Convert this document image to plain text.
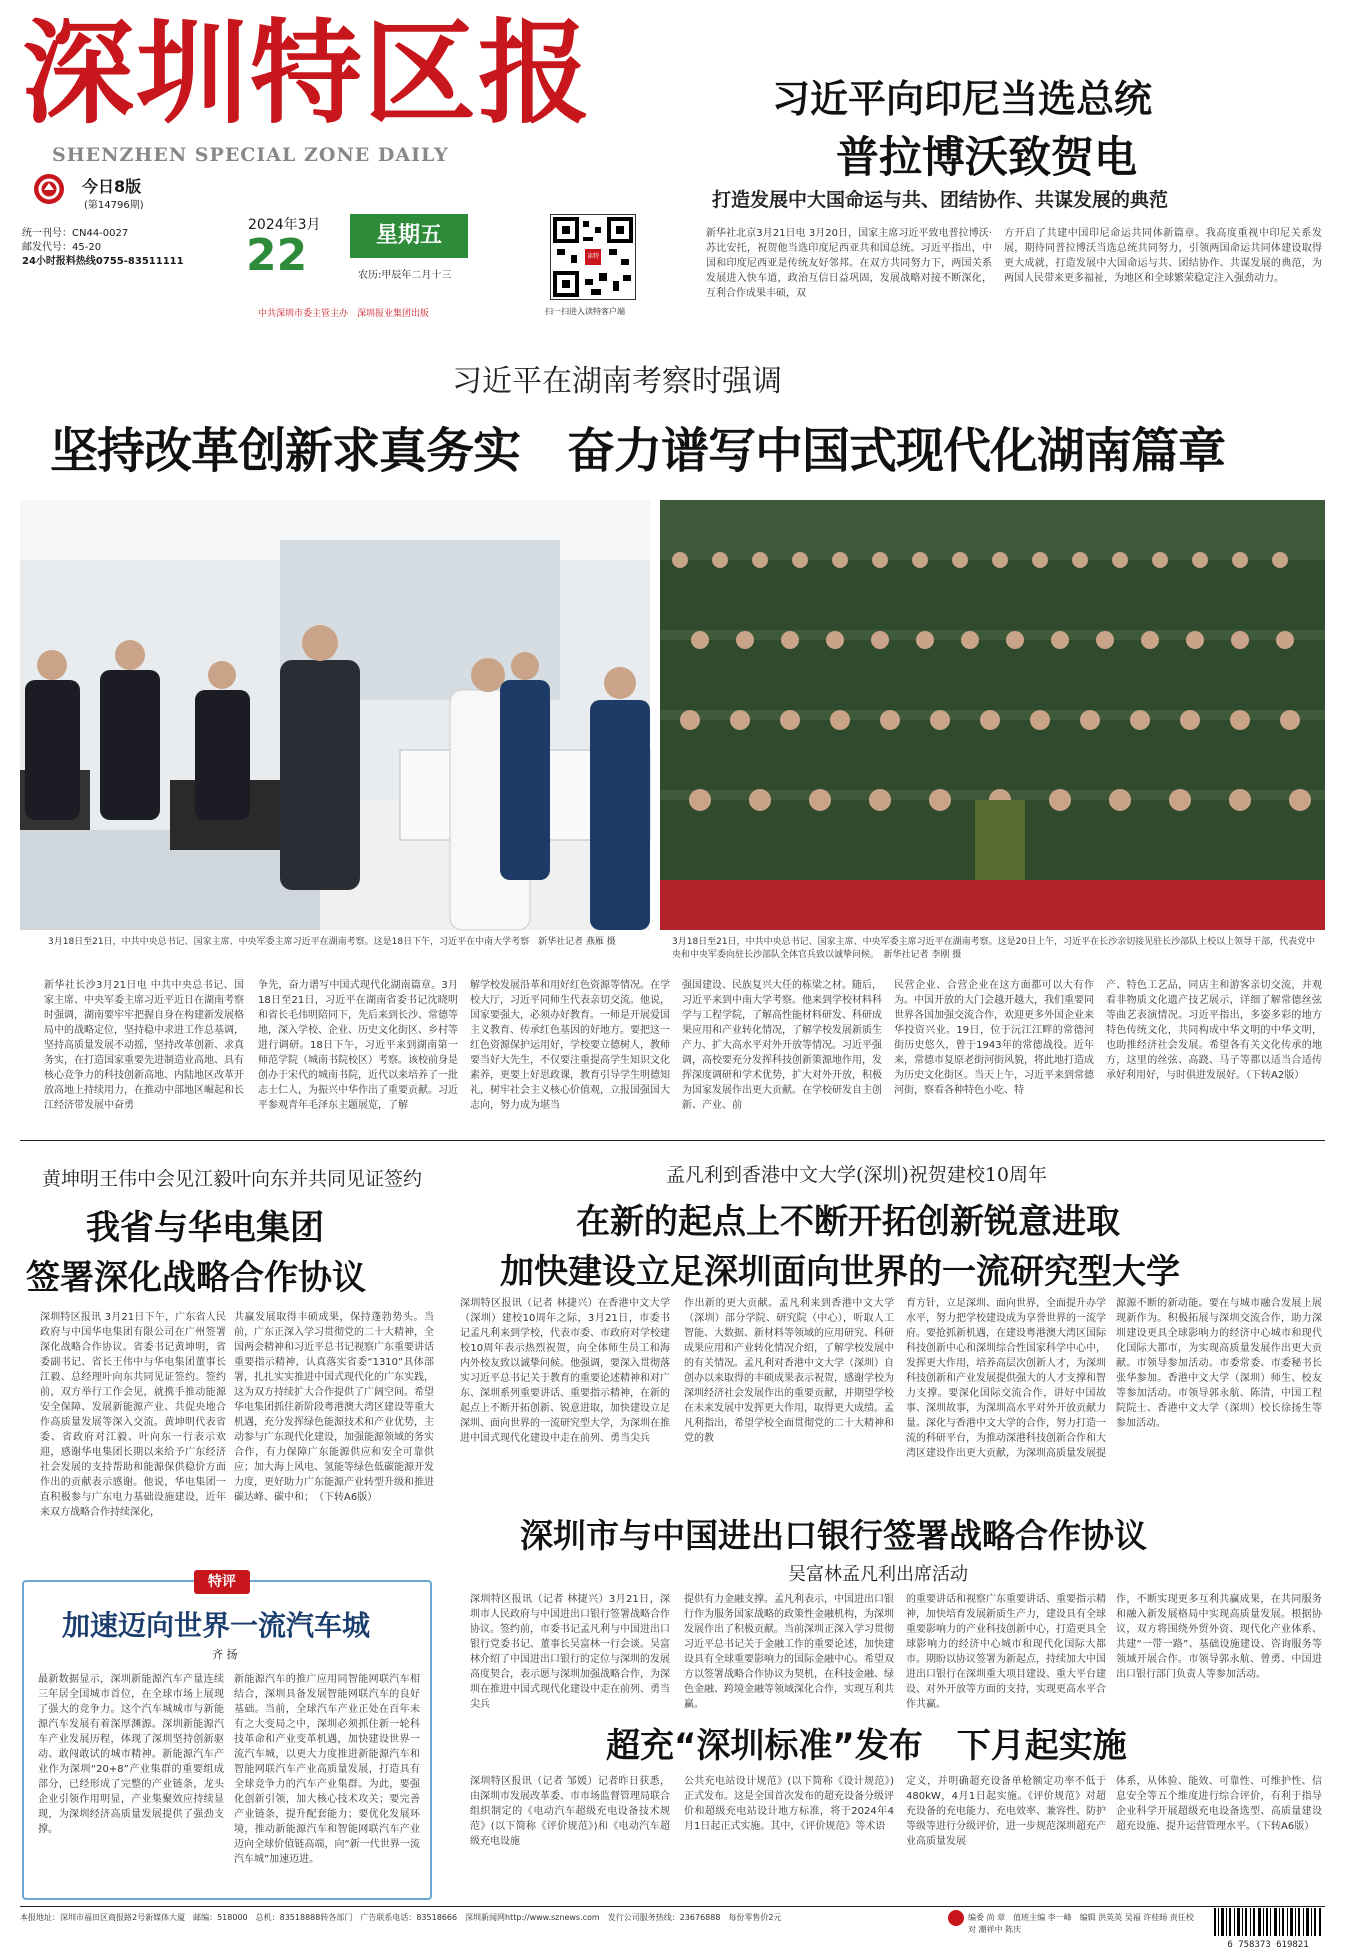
深圳特区报
SHENZHEN SPECIAL ZONE DAILY
今日8版
(第14796期)
统一刊号：CN44-0027
邮发代号：45-20
24小时报料热线0755-83511111
2024年3月
22	星期五
农历:甲辰年二月十三
中共深圳市委主管主办　深圳报业集团出版
读特
扫一扫进入读特客户端
习近平向印尼当选总统
普拉博沃致贺电
打造发展中大国命运与共、团结协作、共谋发展的典范
新华社北京3月21日电 3月20日，国家主席习近平致电普拉博沃·苏比安托，祝贺他当选印度尼西亚共和国总统。习近平指出，中国和印度尼西亚是传统友好邻邦。在双方共同努力下，两国关系发展进入快车道，政治互信日益巩固，发展战略对接不断深化，互利合作成果丰硕，双
方开启了共建中国印尼命运共同体新篇章。我高度重视中印尼关系发展，期待同普拉博沃当选总统共同努力，引领两国命运共同体建设取得更大成就，打造发展中大国命运与共、团结协作、共谋发展的典范，为两国人民带来更多福祉，为地区和全球繁荣稳定注入强劲动力。
习近平在湖南考察时强调
坚持改革创新求真务实　奋力谱写中国式现代化湖南篇章
3月18日至21日，中共中央总书记、国家主席、中央军委主席习近平在湖南考察。这是18日下午，习近平在中南大学考察　新华社记者 燕雁 摄	3月18日至21日，中共中央总书记、国家主席、中央军委主席习近平在湖南考察。这是20日上午，习近平在长沙亲切接见驻长沙部队上校以上领导干部，代表党中央和中央军委向驻长沙部队全体官兵致以诚挚问候。　新华社记者 李刚 摄
新华社长沙3月21日电 中共中央总书记、国家主席、中央军委主席习近平近日在湖南考察时强调，湖南要牢牢把握自身在构建新发展格局中的战略定位，坚持稳中求进工作总基调，坚持高质量发展不动摇，坚持改革创新、求真务实，在打造国家重要先进制造业高地、具有核心竞争力的科技创新高地、内陆地区改革开放高地上持续用力，在推动中部地区崛起和长江经济带发展中奋勇
争先，奋力谱写中国式现代化湖南篇章。3月18日至21日，习近平在湖南省委书记沈晓明和省长毛伟明陪同下，先后来到长沙、常德等地，深入学校、企业、历史文化街区、乡村等进行调研。18日下午，习近平来到湖南第一师范学院（城南书院校区）考察。该校前身是创办于宋代的城南书院，近代以来培养了一批志士仁人，为振兴中华作出了重要贡献。习近平参观青年毛泽东主题展览，了解
解学校发展沿革和用好红色资源等情况。在学校大厅，习近平同师生代表亲切交流。他说，国家要强大，必须办好教育。一师是开展爱国主义教育、传承红色基因的好地方。要把这一红色资源保护运用好，学校要立德树人，教师要当好大先生，不仅要注重提高学生知识文化素养，更要上好思政课，教育引导学生明德知礼，树牢社会主义核心价值观，立报国强国大志向，努力成为堪当
强国建设、民族复兴大任的栋梁之材。随后，习近平来到中南大学考察。他来到学校材料科学与工程学院，了解高性能材料研发、科研成果应用和产业转化情况，了解学校发展新质生产力、扩大高水平对外开放等情况。习近平强调，高校要充分发挥科技创新策源地作用，发挥深度调研和学术优势，扩大对外开放，积极为国家发展作出更大贡献。在学校研发自主创新、产业、前
民营企业、合营企业在这方面都可以大有作为。中国开放的大门会越开越大，我们重要同世界各国加强交流合作，欢迎更多外国企业来华投资兴业。19日，位于沅江江畔的常德河街历史悠久，曾于1943年的常德战役。近年来，常德市复原老街河街风貌，将此地打造成为历史文化街区。当天上午，习近平来到常德河街，察看各种特色小吃、特
产、特色工艺品，同店主和游客亲切交流，并观看非物质文化遗产技艺展示，详细了解常德丝弦等曲艺表演情况。习近平指出，多姿多彩的地方特色传统文化，共同构成中华文明的中华文明，也助推经济社会发展。希望各有关文化传承的地方，这里的丝弦、高跷、马子等都以适当合适传承好利用好，与时俱进发展好。（下转A2版）
黄坤明王伟中会见江毅叶向东并共同见证签约
我省与华电集团
签署深化战略合作协议
深圳特区报讯 3月21日下午，广东省人民政府与中国华电集团有限公司在广州签署深化战略合作协议。省委书记黄坤明，省委副书记、省长王伟中与华电集团董事长江毅、总经理叶向东共同见证签约。签约前，双方举行工作会见，就携手推动能源安全保障、发展新能源产业、共促央地合作高质量发展等深入交流。黄坤明代表省委、省政府对江毅、叶向东一行表示欢迎，感谢华电集团长期以来给予广东经济社会发展的支持帮助和能源保供稳价方面作出的贡献表示感谢。他说，华电集团一直积极参与广东电力基础设施建设，近年来双方战略合作持续深化，
共赢发展取得丰硕成果，保持蓬勃势头。当前，广东正深入学习贯彻党的二十大精神，全国两会精神和习近平总书记视察广东重要讲话重要指示精神，认真落实省委“1310”具体部署，扎扎实实推进中国式现代化的广东实践，这为双方持续扩大合作提供了广阔空间。希望华电集团抓住新阶段粤港澳大湾区建设等重大机遇，充分发挥绿色能源技术和产业优势，主动参与广东现代化建设，加强能源领域的务实合作，有力保障广东能源供应和安全可靠供应；加大海上风电、氢能等绿色低碳能源开发力度，更好助力广东能源产业转型升级和推进碳达峰、碳中和；　（下转A6版）
孟凡利到香港中文大学(深圳)祝贺建校10周年
在新的起点上不断开拓创新锐意进取
加快建设立足深圳面向世界的一流研究型大学
深圳特区报讯（记者 林捷兴）在香港中文大学（深圳）建校10周年之际，3月21日，市委书记孟凡利来到学校，代表市委、市政府对学校建校10周年表示热烈祝贺，向全体师生员工和海内外校友致以诚挚问候。他强调，要深入贯彻落实习近平总书记关于教育的重要论述精神和对广东、深圳系列重要讲话、重要指示精神，在新的起点上不断开拓创新、锐意进取，加快建设立足深圳、面向世界的一流研究型大学，为深圳在推进中国式现代化建设中走在前列、勇当尖兵
作出新的更大贡献。孟凡利来到香港中文大学（深圳）部分学院、研究院（中心），听取人工智能、大数据、新材料等领域的应用研究、科研成果应用和产业转化情况介绍，了解学校发展中的有关情况。孟凡利对香港中文大学（深圳）自创办以来取得的丰硕成果表示祝贺，感谢学校为深圳经济社会发展作出的重要贡献，并期望学校在未来发展中发挥更大作用，取得更大成绩。孟凡利指出，希望学校全面贯彻党的二十大精神和党的教
育方针，立足深圳、面向世界，全面提升办学水平，努力把学校建设成为享誉世界的一流学府。要抢抓新机遇，在建设粤港澳大湾区国际科技创新中心和深圳综合性国家科学中心中，发挥更大作用，培养高层次创新人才，为深圳科技创新和产业发展提供强大的人才支撑和智力支撑。要深化国际交流合作，讲好中国故事、深圳故事，为深圳高水平对外开放贡献力量。深化与香港中文大学的合作，努力打造一流的科研平台，为推动深港科技创新合作和大湾区建设作出更大贡献，为深圳高质量发展提
源源不断的新动能。要在与城市融合发展上展现新作为。积极拓展与深圳交流合作，助力深圳建设更具全球影响力的经济中心城市和现代化国际大都市，为实现高质量发展作出更大贡献。市领导参加活动。市委常委、市委秘书长张华参加。香港中文大学（深圳）师生、校友等参加活动。市领导郭永航、陈清，中国工程院院士、香港中文大学（深圳）校长徐扬生等参加活动。
深圳市与中国进出口银行签署战略合作协议
吴富林孟凡利出席活动
深圳特区报讯（记者 林捷兴）3月21日，深圳市人民政府与中国进出口银行签署战略合作协议。签约前，市委书记孟凡利与中国进出口银行党委书记、董事长吴富林一行会谈。吴富林介绍了中国进出口银行的定位与深圳的发展高度契合，表示愿与深圳加强战略合作，为深圳在推进中国式现代化建设中走在前列、勇当尖兵
提供有力金融支撑。孟凡利表示，中国进出口银行作为服务国家战略的政策性金融机构，为深圳发展作出了积极贡献。当前深圳正深入学习贯彻习近平总书记关于金融工作的重要论述，加快建设具有全球重要影响力的国际金融中心。希望双方以签署战略合作协议为契机，在科技金融、绿色金融、跨境金融等领域深化合作，实现互利共赢。
的重要讲话和视察广东重要讲话、重要指示精神，加快培育发展新质生产力，建设具有全球重要影响力的产业科技创新中心，打造更具全球影响力的经济中心城市和现代化国际大都市。期盼以协议签署为新起点，持续加大中国进出口银行在深圳重大项目建设、重大平台建设、对外开放等方面的支持，实现更高水平合作共赢。
作，不断实现更多互利共赢成果，在共同服务和融入新发展格局中实现高质量发展。根据协议，双方将围绕外贸外资、现代化产业体系、共建“一带一路”、基础设施建设、咨询服务等领域开展合作。市领导郭永航、曾勇、中国进出口银行部门负责人等参加活动。
特评
加速迈向世界一流汽车城
齐 扬
最新数据显示，深圳新能源汽车产量连续三年居全国城市首位，在全球市场上展现了强大的竞争力。这个汽车城城市与新能源汽车发展有着深厚渊源。深圳新能源汽车产业发展历程，体现了深圳坚持创新驱动、敢闯敢试的城市精神。新能源汽车产业作为深圳“20+8”产业集群的重要组成部分，已经形成了完整的产业链条，龙头企业引领作用明显，产业集聚效应持续显现，为深圳经济高质量发展提供了强劲支撑。
新能源汽车的推广应用同智能网联汽车相结合，深圳具备发展智能网联汽车的良好基础。当前，全球汽车产业正处在百年未有之大变局之中，深圳必须抓住新一轮科技革命和产业变革机遇，加快建设世界一流汽车城，以更大力度推进新能源汽车和智能网联汽车产业高质量发展，打造具有全球竞争力的汽车产业集群。为此，要强化创新引领，加大核心技术攻关；要完善产业链条，提升配套能力；要优化发展环境，推动新能源汽车和智能网联汽车产业迈向全球价值链高端，向“新一代世界一流汽车城”加速迈进。
超充“深圳标准”发布　下月起实施
深圳特区报讯（记者 邹媛）记者昨日获悉，由深圳市发展改革委、市市场监督管理局联合组织制定的《电动汽车超级充电设备技术规范》(以下简称《评价规范》)和《电动汽车超级充电设施
公共充电站设计规范》(以下简称《设计规范》)正式发布。这是全国首次发布的超充设备分级评价和超级充电站设计地方标准，将于2024年4月1日起正式实施。其中，《评价规范》等术语
定义，并明确超充设备单枪额定功率不低于480kW，4月1日起实施。《评价规范》对超充设备的充电能力、充电效率、兼容性、防护等级等进行分级评价，进一步规范深圳超充产业高质量发展
体系，从体验、能效、可靠性、可维护性、信息安全等五个维度进行综合评价，有利于指导企业科学开展超级充电设备选型、高质量建设超充设施、提升运营管理水平。（下转A6版）
本报地址：深圳市福田区商报路2号新媒体大厦　邮编：518000　总机：83518888转各部门　广告联系电话：83518666　深圳新闻网http://www.sznews.com　发行公司服务热线：23676888　每份零售价2元	编委 尚 章　值班主编 李一峰　编辑 洪英英 吴福 许桂旸 责任校对 潮祥中 陈庆
6 758373 619821
